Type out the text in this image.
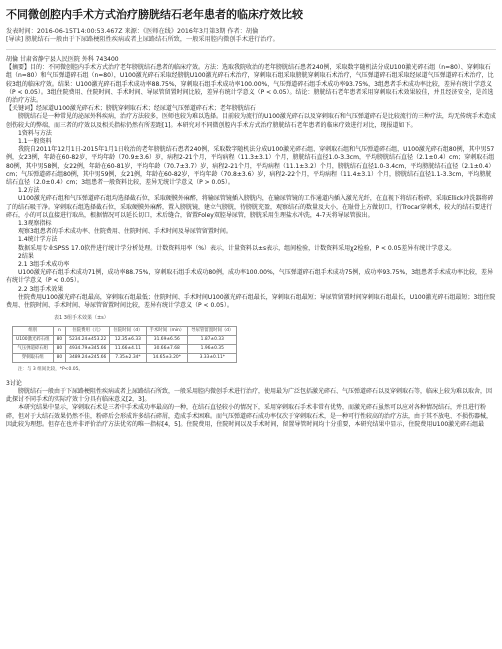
不同微创腔内手术方式治疗膀胱结石老年患者的临床疗效比较
发表时间：2016-06-15T14:00:53.467Z 来源：《医师在线》2016年3月第3期 作者：胡倫
[导读] 膀胱结石一般由于下尿路梗阻性疾病或者上尿路结石所致，一般采用腔内微创手术进行治疗。

胡倫 甘肃省静宁县人民医院 外科 743400

【摘要】目的：不同微创腔内手术方式治疗老年膀胱结石患者的临床疗效。方法：选取我院收治的老年膀胱结石患者240例，采取数字随机法分成U100激光碎石组（n=80）、穿刺取石组（n=80）和气压弹道碎石组（n=80），U100激光碎石采取经膀胱U100激光碎石术治疗，穿刺取石组采取膀胱穿刺取石术治疗，气压弹道碎石组采取经尿道气压弹道碎石术治疗，比较3组的临床疗效。结果：U100激光碎石组手术成功率88.75%，穿刺取石组手术成功率100.00%，气压弹道碎石组手术成功率93.75%，3组患者手术成功率比较，差异有统计学意义（P < 0.05）。3组住院费用、住院时间、手术时间、导尿管留置时间比较，差异有统计学意义（P < 0.05）。结论：膀胱结石老年患者采用穿刺取石术效果较佳，并且经济安全，是首选的治疗方法。

【关键词】经尿道U100激光碎石术；膀胱穿刺取石术；经尿道气压弹道碎石术；老年膀胱结石

膀胱结石是一种常见的泌尿外科疾病，治疗方法较多，医师也较为难以选择。目前较为流行的U100激光碎石以及穿刺取石和气压弹道碎石是比较流行的三种疗法，均无传统手术造成创伤较大的弊端，而三者的疗效以及相关指标仍然有所差距[1]。本研究对不同微创腔内手术方式治疗膀胱结石老年患者的临床疗效进行对比，现报道如下。

1资料与方法

1.1一般资料

我院自2011年12月1日-2015年1月1日收治的老年膀胱结石患者240例，采取数字随机法分成U100激光碎石组、穿刺取石组和气压弹道碎石组，U100激光碎石组80例，其中男57例，女23例，年龄在60-82岁，平均年龄（70.9±3.6）岁，病程2-21个月，平均病程（11.3±3.1）个月，膀胱结石直径1.0-3.3cm，平均膀胱结石直径（2.1±0.4）cm；穿刺取石组80例，其中男58例，女22例，年龄在60-81岁，平均年龄（70.7±3.7）岁，病程2-21个月，平均病程（11.1±3.2）个月，膀胱结石直径1.0-3.4cm，平均膀胱结石直径（2.1±0.4）cm；气压弹道碎石组80例，其中男59例，女21例，年龄在60-82岁，平均年龄（70.8±3.6）岁，病程2-22个月，平均病程（11.4±3.1）个月，膀胱结石直径1.1-3.3cm，平均膀胱结石直径（2.0±0.4）cm；3组患者一般资料比较，差异无统计学意义（P > 0.05）。

1.2方法

U100激光碎石组和气压弹道碎石组均选择截石位，采取硬膜外麻醉，将输尿管镜插入膀胱内，在输尿管镜的工作通道内插入激光光纤，在直视下将结石粉碎，采取Ellick冲洗器将碎了的结石吸干净。穿刺取石组选择截石位，采取硬膜外麻醉，置入膀胱镜，建立气膀胱，待膀胱充盈，观察结石的数量及大小，在耻骨上方做切口，行Trocar穿刺术，较大的结石要进行碎石，小的可以直接进行取出，根据情况可以延长切口，术后缝合，留置Foley双腔导尿管，膀胱采用生理盐水冲洗，4-7天将导尿管拔出。

1.3观察指标

观察3组患者的手术成功率、住院费用、住院时间、手术时间及导尿管留置时间。

1.4统计学方法

数据采用专业SPSS 17.0软件进行统计学分析处理。计数资料用率（%）表示，计量资料以±s表示，组间检验，计数资料采用χ2检验，P < 0.05差异有统计学意义。

2结果

2.1 3组手术成功率

U100激光碎石组手术成功71例，成功率88.75%，穿刺取石组手术成功80例，成功率100.00%，气压弹道碎石组手术成功75例，成功率93.75%，3组患者手术成功率比较，差异有统计学意义（P < 0.05）。

2.2 3组手术效果

住院费用U100激光碎石组最高，穿刺取石组最低；住院时间、手术时间U100激光碎石组最长，穿刺取石组最短；导尿管留置时间穿刺取石组最长，U100激光碎石组最短；3组住院费用、住院时间、手术时间、导尿管留置时间比较，差异有统计学意义（P < 0.05）。

表1 3组手术效果（±s）
组别	n	住院费用（元）	住院时间（d）	手术时间（min）	导尿管留置时间（d）
U100激光碎石组	80	5234.24±453.22	12.35±6.33	31.69±6.56	1.87±0.33
气压弹道碎石组	80	4934.79±345.66	11.66±4.11	30.66±7.68	1.96±0.35
穿刺取石组	80	3489.24±245.66	7.35±2.34*	14.65±3.20*	3.33±0.11*
注：与 3 组间比较，*P<0.05。

3讨论

膀胱结石一般由于下尿路梗阻性疾病或者上尿路结石所致，一般采用腔内微创手术进行治疗，使用最为广泛包括激光碎石、气压弹道碎石以及穿刺取石等，临床上较为难以取舍，因此探讨不同手术的实际疗效十分具有临床意义[2，3]。

本研究结果中显示，穿刺取石术是三者中手术成功率最高的一种，在结石直径较小的情况下，采用穿刺取石手术非常有优势，而激光碎石虽然可以应对各种情况结石，并且进行粉碎，但对于大结石效果仍然不佳，粉碎后会形成许多结石碎屑，造成手术困难。而气压弹道碎石成功率仅次于穿刺取石术，是一种可行性较高的治疗方法，由于其不放电、不损伤器械，因此较为理想。但存在也并非评价治疗方法优劣的唯一指标[4，5]。住院费用，住院时间以及手术时间，留置导管时间均十分重要，本研究结果中显示，住院费用U100激光碎石组最
